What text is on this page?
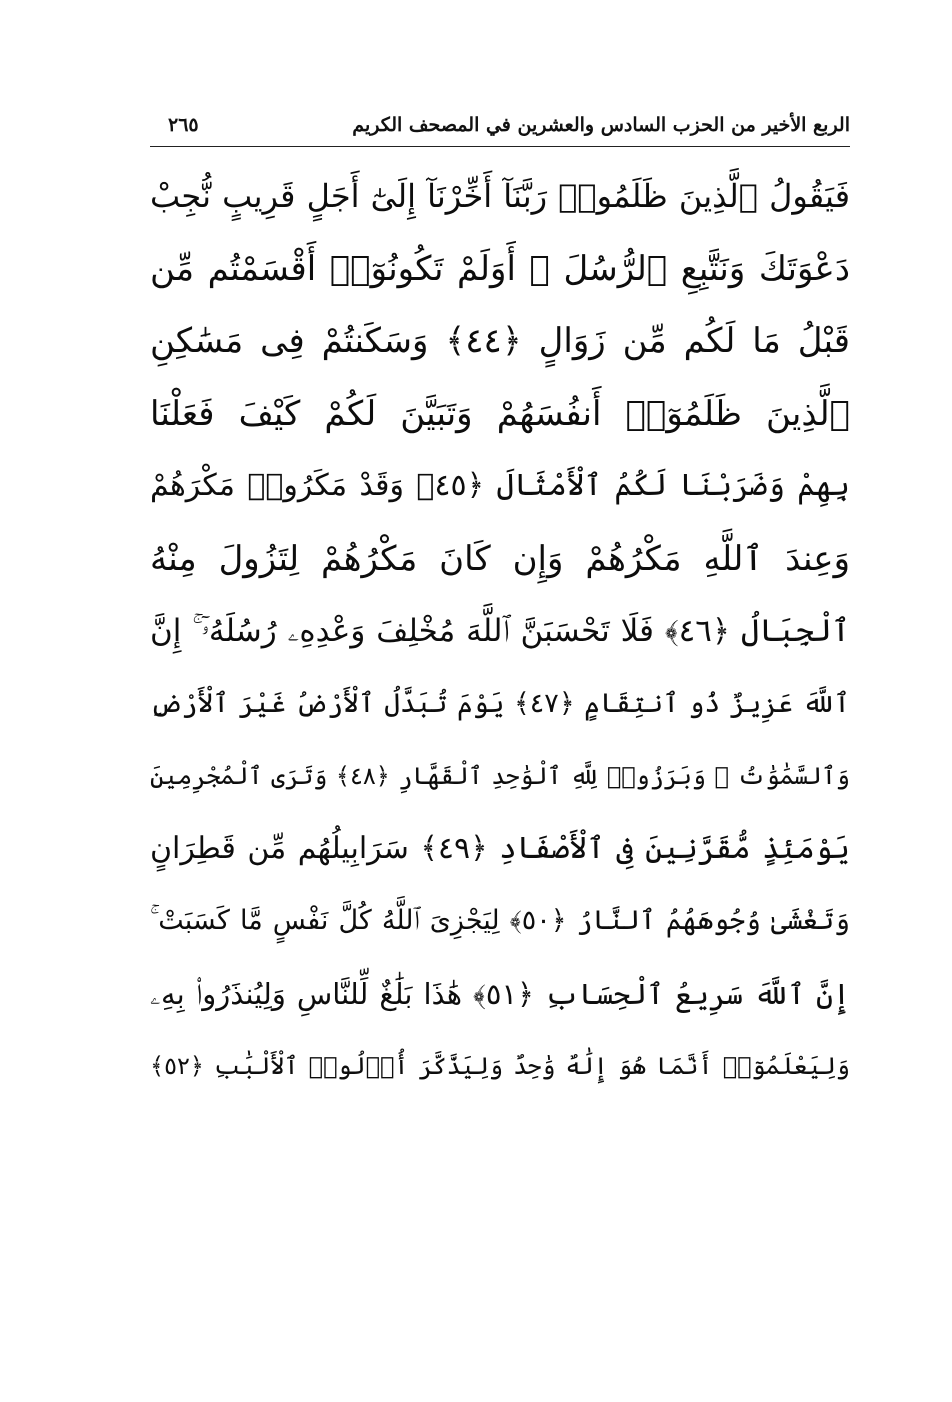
الربع الأخير من الحزب السادس والعشرين في المصحف الكريم
٢٦٥
فَيَقُولُ ٱلَّذِينَ ظَلَمُوا۟ رَبَّنَآ أَخِّرْنَآ إِلَىٰٓ أَجَلٍ قَرِيبٍ نُّجِبْ
دَعْوَتَكَ وَنَتَّبِعِ ٱلرُّسُلَ ۗ أَوَلَمْ تَكُونُوٓا۟ أَقْسَمْتُم مِّن
قَبْلُ مَا لَكُم مِّن زَوَالٍ ﴿٤٤﴾ وَسَكَنتُمْ فِى مَسَٰكِنِ
ٱلَّذِينَ ظَلَمُوٓا۟ أَنفُسَهُمْ وَتَبَيَّنَ لَكُمْ كَيْفَ فَعَلْنَا
بِهِمْ وَضَرَبْنَا لَكُمُ ٱلْأَمْثَالَ ﴿٤٥﴾ وَقَدْ مَكَرُوا۟ مَكْرَهُمْ
وَعِندَ ٱللَّهِ مَكْرُهُمْ وَإِن كَانَ مَكْرُهُمْ لِتَزُولَ مِنْهُ
ٱلْجِبَالُ ﴿٤٦﴾ فَلَا تَحْسَبَنَّ ٱللَّهَ مُخْلِفَ وَعْدِهِۦ رُسُلَهُۥٓ ۚ إِنَّ
ٱللَّهَ عَزِيزٌ ذُو ٱنتِقَامٍ ﴿٤٧﴾ يَوْمَ تُبَدَّلُ ٱلْأَرْضُ غَيْرَ ٱلْأَرْضِ
وَٱلسَّمَٰوَٰتُ ۖ وَبَرَزُوا۟ لِلَّهِ ٱلْوَٰحِدِ ٱلْقَهَّارِ ﴿٤٨﴾ وَتَرَى ٱلْمُجْرِمِينَ
يَوْمَئِذٍ مُّقَرَّنِينَ فِى ٱلْأَصْفَادِ ﴿٤٩﴾ سَرَابِيلُهُم مِّن قَطِرَانٍ
وَتَغْشَىٰ وُجُوهَهُمُ ٱلنَّارُ ﴿٥٠﴾ لِيَجْزِىَ ٱللَّهُ كُلَّ نَفْسٍ مَّا كَسَبَتْ ۚ
إِنَّ ٱللَّهَ سَرِيعُ ٱلْحِسَابِ ﴿٥١﴾ هَٰذَا بَلَٰغٌ لِّلنَّاسِ وَلِيُنذَرُوا۟ بِهِۦ
وَلِيَعْلَمُوٓا۟ أَنَّمَا هُوَ إِلَٰهٌ وَٰحِدٌ وَلِيَذَّكَّرَ أُو۟لُوا۟ ٱلْأَلْبَٰبِ ﴿٥٢﴾
